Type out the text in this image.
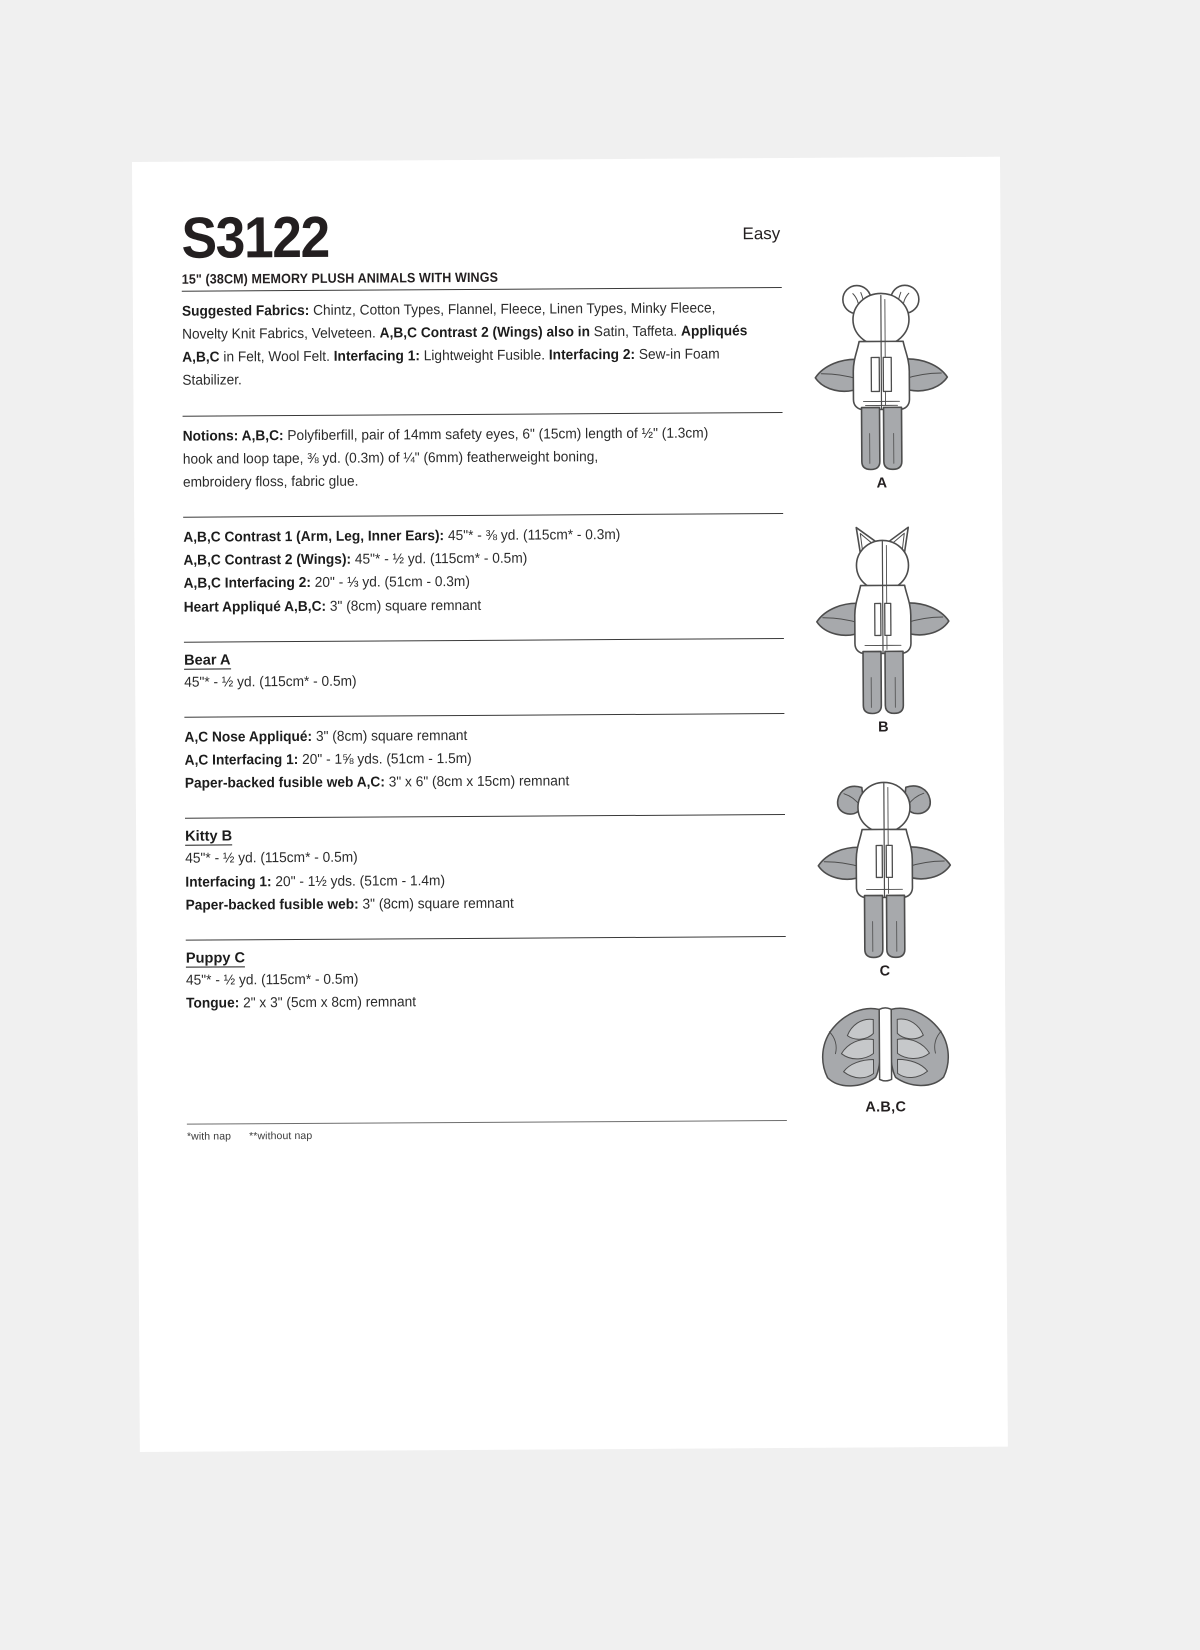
S3122
15" (38CM) MEMORY PLUSH ANIMALS WITH WINGS

Suggested Fabrics: Chintz, Cotton Types, Flannel, Fleece, Linen Types, Minky Fleece,

Novelty Knit Fabrics, Velveteen. A,B,C Contrast 2 (Wings) also in Satin, Taffeta. Appliqués

A,B,C in Felt, Wool Felt. Interfacing 1: Lightweight Fusible. Interfacing 2: Sew-in Foam

Stabilizer.

Notions: A,B,C: Polyfiberfill, pair of 14mm safety eyes, 6" (15cm) length of ½" (1.3cm)

hook and loop tape, ⅜ yd. (0.3m) of ¼" (6mm) featherweight boning,

embroidery floss, fabric glue.

A,B,C Contrast 1 (Arm, Leg, Inner Ears): 45"* - ⅜ yd. (115cm* - 0.3m)

A,B,C Contrast 2 (Wings): 45"* - ½ yd. (115cm* - 0.5m)

A,B,C Interfacing 2: 20" - ⅓ yd. (51cm - 0.3m)

Heart Appliqué A,B,C: 3" (8cm) square remnant

Bear A

45"* - ½ yd. (115cm* - 0.5m)

A,C Nose Appliqué: 3" (8cm) square remnant

A,C Interfacing 1: 20" - 1⅝ yds. (51cm - 1.5m)

Paper-backed fusible web A,C: 3" x 6" (8cm x 15cm) remnant

Kitty B

45"* - ½ yd. (115cm* - 0.5m)

Interfacing 1: 20" - 1½ yds. (51cm - 1.4m)

Paper-backed fusible web: 3" (8cm) square remnant

Puppy C

45"* - ½ yd. (115cm* - 0.5m)

Tongue: 2" x 3" (5cm x 8cm) remnant

*with nap **without nap
Easy
A
B
C
A.B,C
